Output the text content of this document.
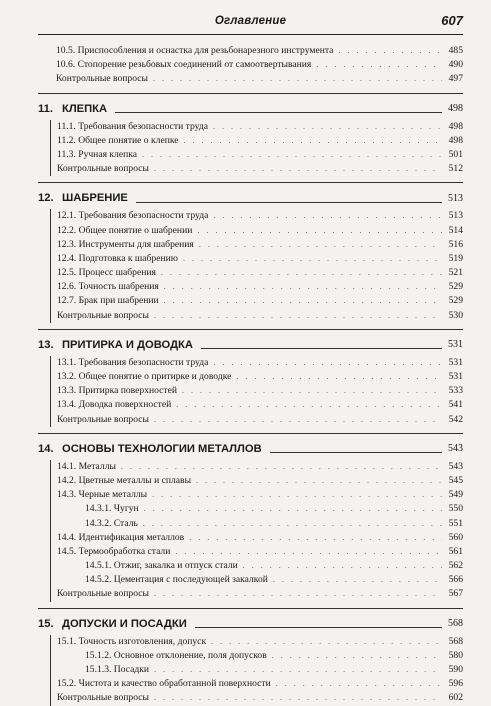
Оглавление	607
10.5. Приспособления и оснастка для резьбонарезного инструмента . . .	485
10.6. Стопорение резьбовых соединений от самоотвертывания . . .	490
Контрольные вопросы . . .	497
11. КЛЕПКА	498
11.1. Требования безопасности труда . . .	498
11.2. Общее понятие о клепке . . .	498
11.3. Ручная клепка . . .	501
Контрольные вопросы . . .	512
12. ШАБРЕНИЕ	513
12.1. Требования безопасности труда . . .	513
12.2. Общее понятие о шабрении . . .	514
12.3. Инструменты для шабрения . . .	516
12.4. Подготовка к шабрению . . .	519
12.5. Процесс шабрения . . .	521
12.6. Точность шабрения . . .	529
12.7. Брак при шабрении . . .	529
Контрольные вопросы . . .	530
13. ПРИТИРКА И ДОВОДКА	531
13.1. Требования безопасности труда . . .	531
13.2. Общее понятие о притирке и доводке . . .	531
13.3. Притирка поверхностей . . .	533
13.4. Доводка поверхностей . . .	541
Контрольные вопросы . . .	542
14. ОСНОВЫ ТЕХНОЛОГИИ МЕТАЛЛОВ	543
14.1. Металлы . . .	543
14.2. Цветные металлы и сплавы . . .	545
14.3. Черные металлы . . .	549
14.3.1. Чугун . . .	550
14.3.2. Сталь . . .	551
14.4. Идентификация металлов . . .	560
14.5. Термообработка стали . . .	561
14.5.1. Отжиг, закалка и отпуск стали . . .	562
14.5.2. Цементация с последующей закалкой . . .	566
Контрольные вопросы . . .	567
15. ДОПУСКИ И ПОСАДКИ	568
15.1. Точность изготовления, допуск . . .	568
15.1.2. Основное отклонение, поля допусков . . .	580
15.1.3. Посадки . . .	590
15.2. Чистота и качество обработанной поверхности . . .	596
Контрольные вопросы . . .	602
